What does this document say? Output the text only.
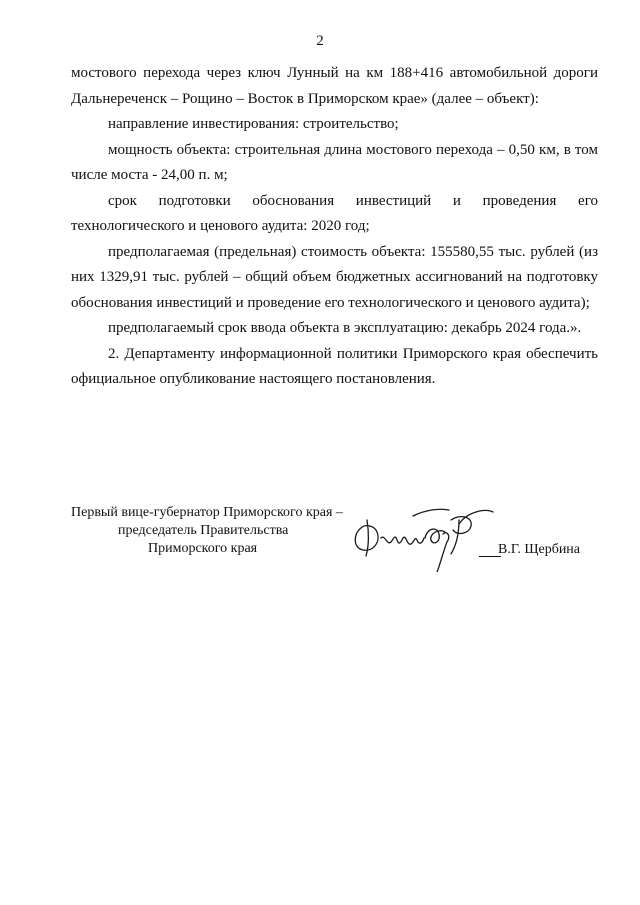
2

мостового перехода через ключ Лунный на км 188+416 автомобильной дороги Дальнереченск – Рощино – Восток в Приморском крае» (далее – объект):

направление инвестирования: строительство;

мощность объекта: строительная длина мостового перехода – 0,50 км, в том числе моста - 24,00 п. м;

срок подготовки обоснования инвестиций и проведения его технологического и ценового аудита: 2020 год;

предполагаемая (предельная) стоимость объекта: 155580,55 тыс. рублей (из них 1329,91 тыс. рублей – общий объем бюджетных ассигнований на подготовку обоснования инвестиций и проведение его технологического и ценового аудита);

предполагаемый срок ввода объекта в эксплуатацию: декабрь 2024 года.».

2. Департаменту информационной политики Приморского края обеспечить официальное опубликование настоящего постановления.

Первый вице-губернатор Приморского края –
председатель Правительства
Приморского края	В.Г. Щербина
